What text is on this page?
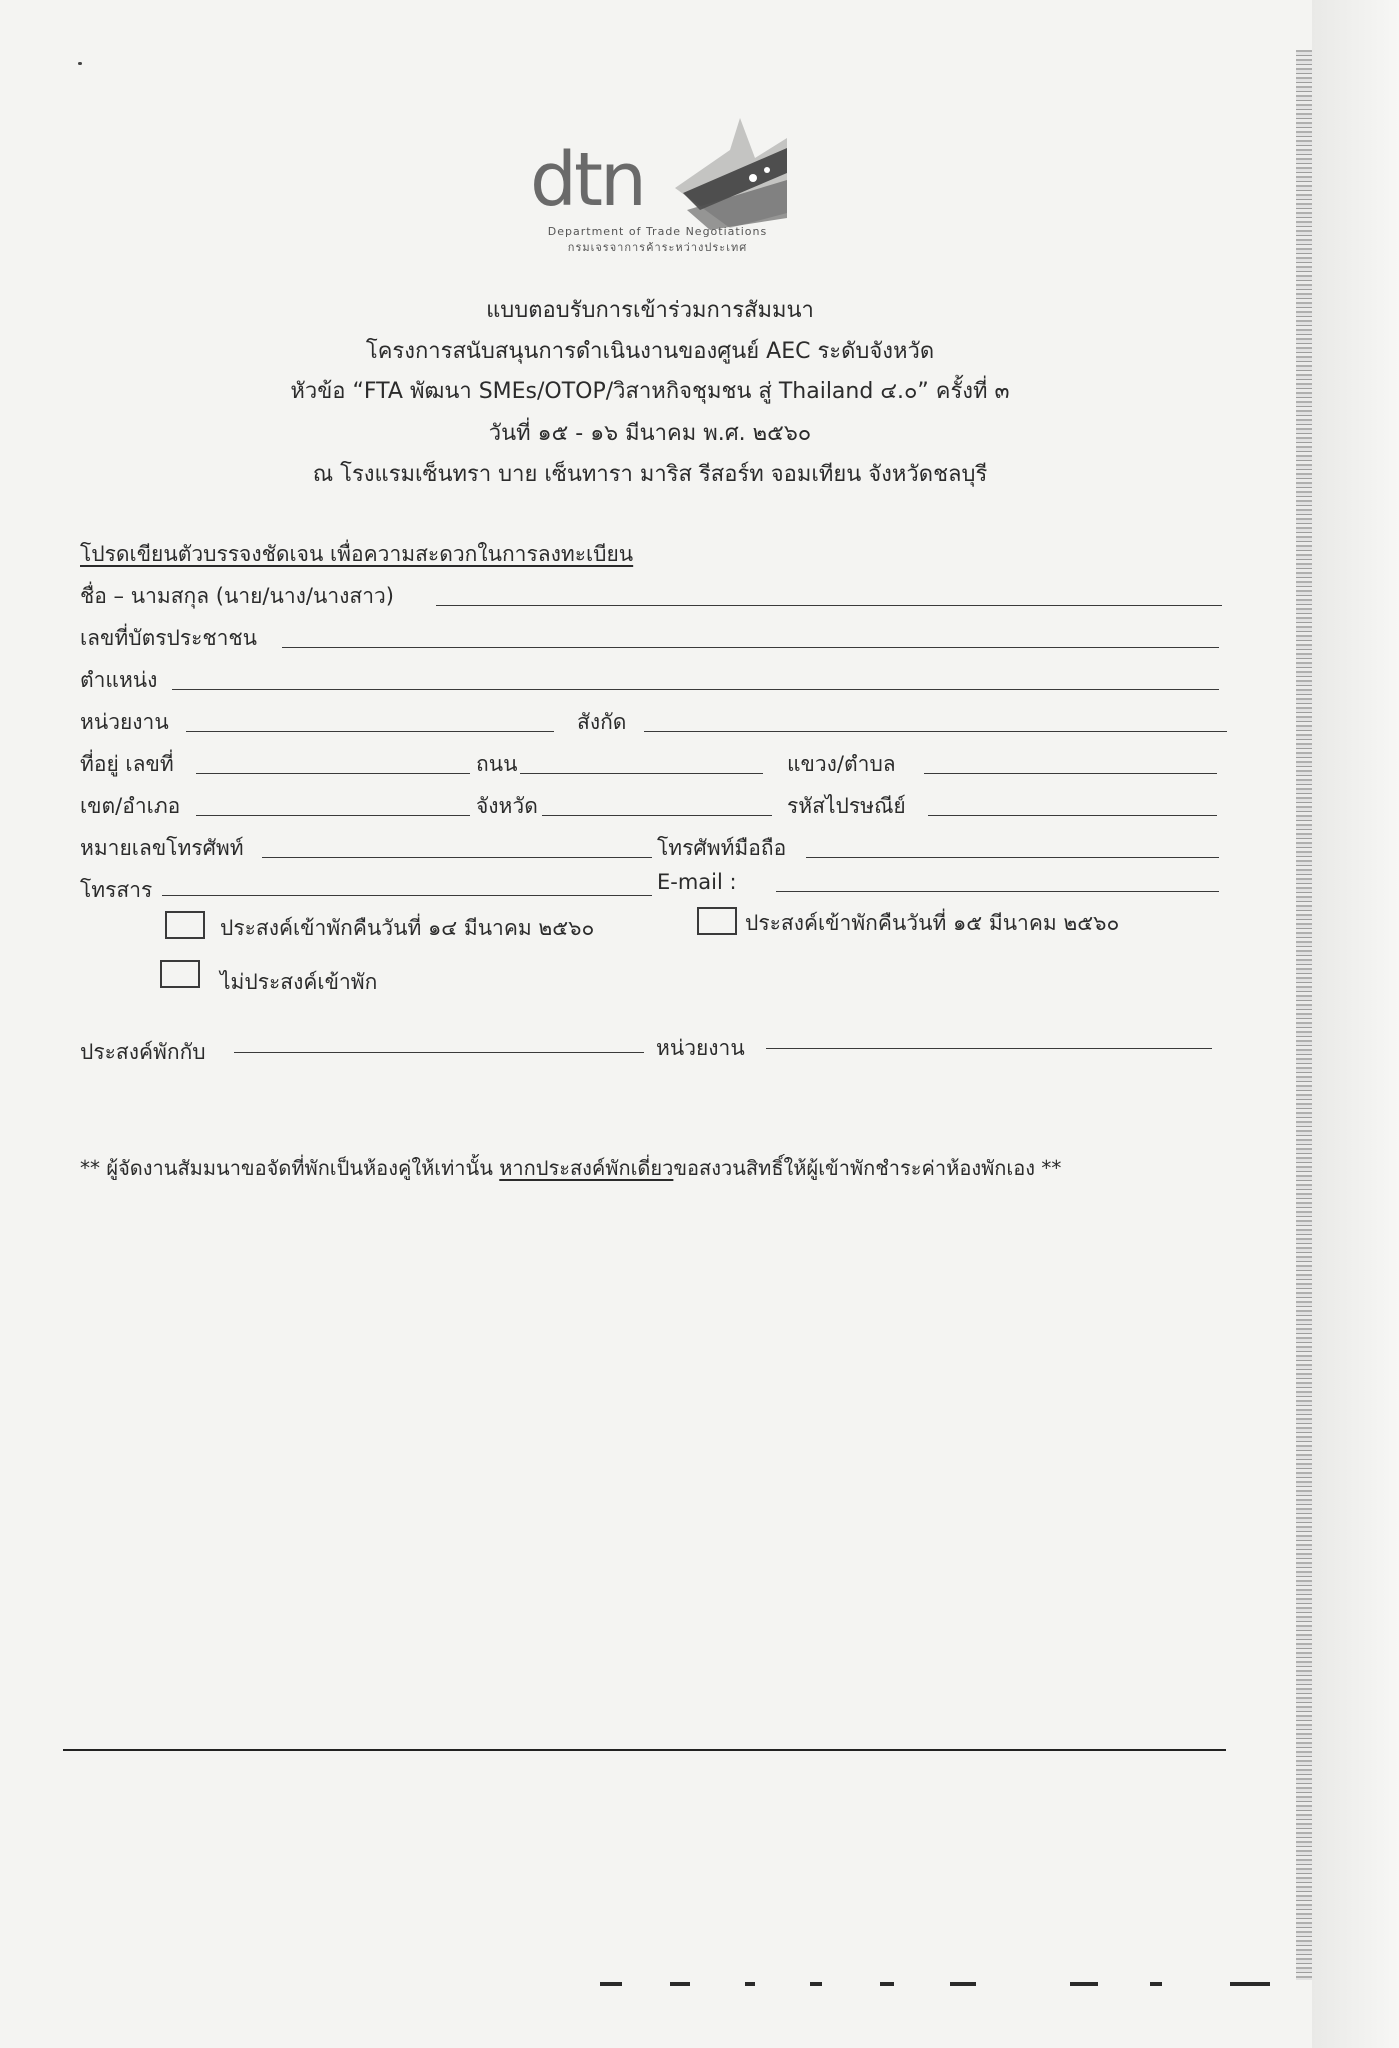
dtn
Department of Trade Negotiations
กรมเจรจาการค้าระหว่างประเทศ
แบบตอบรับการเข้าร่วมการสัมมนา
โครงการสนับสนุนการดำเนินงานของศูนย์ AEC ระดับจังหวัด
หัวข้อ “FTA พัฒนา SMEs/OTOP/วิสาหกิจชุมชน สู่ Thailand ๔.๐” ครั้งที่ ๓
วันที่ ๑๕ - ๑๖ มีนาคม พ.ศ. ๒๕๖๐
ณ โรงแรมเซ็นทรา บาย เซ็นทารา มาริส รีสอร์ท จอมเทียน จังหวัดชลบุรี
โปรดเขียนตัวบรรจงชัดเจน เพื่อความสะดวกในการลงทะเบียน
ชื่อ – นามสกุล (นาย/นาง/นางสาว)
เลขที่บัตรประชาชน
ตำแหน่ง
หน่วยงาน	สังกัด
ที่อยู่ เลขที่	ถนน	แขวง/ตำบล
เขต/อำเภอ	จังหวัด	รหัสไปรษณีย์
หมายเลขโทรศัพท์	โทรศัพท์มือถือ
โทรสาร	E-mail :
ประสงค์เข้าพักคืนวันที่ ๑๔ มีนาคม ๒๕๖๐	ประสงค์เข้าพักคืนวันที่ ๑๕ มีนาคม ๒๕๖๐
ไม่ประสงค์เข้าพัก
ประสงค์พักกับ	หน่วยงาน
** ผู้จัดงานสัมมนาขอจัดที่พักเป็นห้องคู่ให้เท่านั้น หากประสงค์พักเดี่ยวขอสงวนสิทธิ์ให้ผู้เข้าพักชำระค่าห้องพักเอง **
